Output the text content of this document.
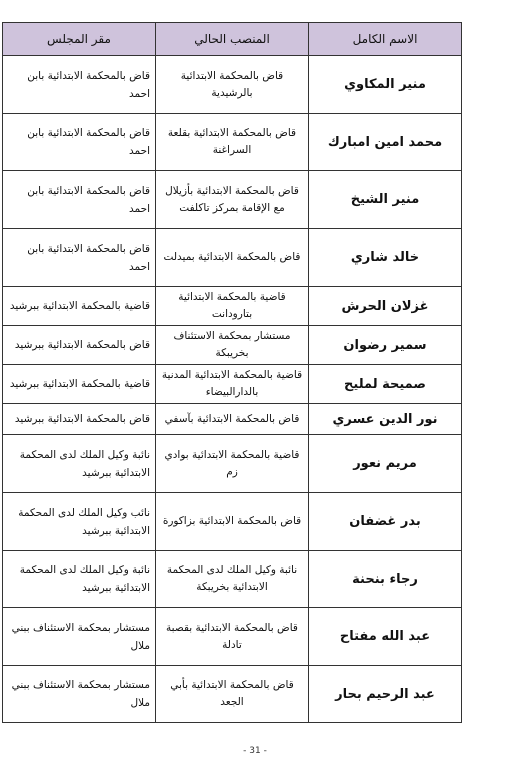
الاسم الكامل	المنصب الحالي	مقر المجلس
منير المكاوي	قاض بالمحكمة الابتدائية بالرشيدية	قاض بالمحكمة الابتدائية بابن احمد
محمد امين امبارك	قاض بالمحكمة الابتدائية بقلعة السراغنة	قاض بالمحكمة الابتدائية بابن احمد
منير الشيخ	قاض بالمحكمة الابتدائية بأزيلال مع الإقامة بمركز تاكلفت	قاض بالمحكمة الابتدائية بابن احمد
خالد شاري	قاض بالمحكمة الابتدائية بميدلت	قاض بالمحكمة الابتدائية بابن احمد
غزلان الحرش	قاضية بالمحكمة الابتدائية بتارودانت	قاضية بالمحكمة الابتدائية ببرشيد
سمير رضوان	مستشار بمحكمة الاستئناف بخريبكة	قاض بالمحكمة الابتدائية ببرشيد
صميحة لمليح	قاضية بالمحكمة الابتدائية المدنية بالدارالبيضاء	قاضية بالمحكمة الابتدائية ببرشيد
نور الدين عسري	قاض بالمحكمة الابتدائية بآسفي	قاض بالمحكمة الابتدائية ببرشيد
مريم نعور	قاضية بالمحكمة الابتدائية بوادي زم	نائبة وكيل الملك لدى المحكمة الابتدائية ببرشيد
بدر غضفان	قاض بالمحكمة الابتدائية بزاكورة	نائب وكيل الملك لدى المحكمة الابتدائية ببرشيد
رجاء بنحنة	نائبة وكيل الملك لدى المحكمة الابتدائية بخريبكة	نائبة وكيل الملك لدى المحكمة الابتدائية ببرشيد
عبد الله مفتاح	قاض بالمحكمة الابتدائية بقصبة تادلة	مستشار بمحكمة الاستئناف ببني ملال
عبد الرحيم بحار	قاض بالمحكمة الابتدائية بأبي الجعد	مستشار بمحكمة الاستئناف ببني ملال
- 31 -
